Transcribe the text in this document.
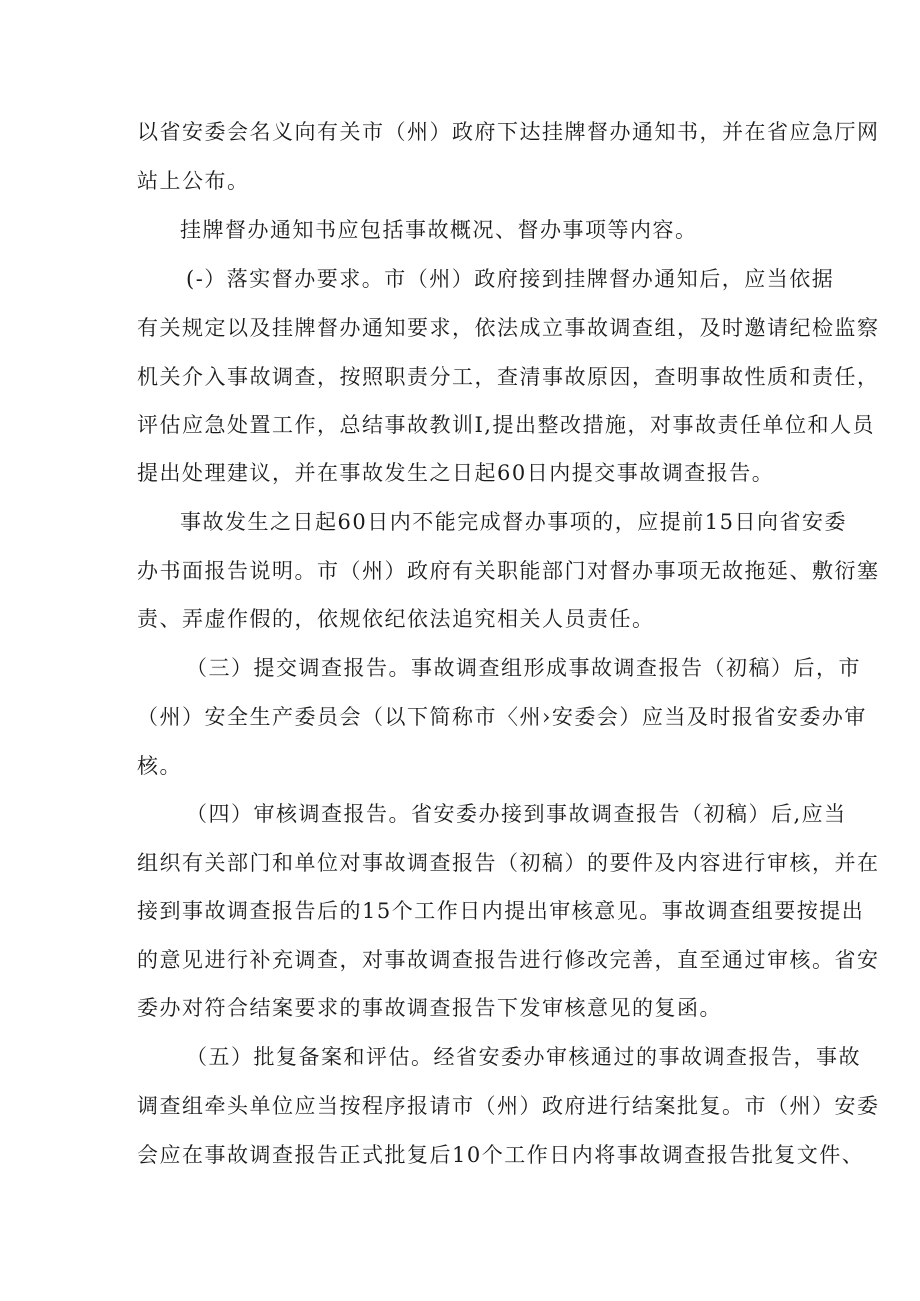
以省安委会名义向有关市（州）政府下达挂牌督办通知书，并在省应急厅网
站上公布。
挂牌督办通知书应包括事故概况、督办事项等内容。
(-）落实督办要求。市（州）政府接到挂牌督办通知后，应当依据
有关规定以及挂牌督办通知要求，依法成立事故调查组，及时邀请纪检监察
机关介入事故调查，按照职责分工，查清事故原因，查明事故性质和责任，
评估应急处置工作，总结事故教训I,提出整改措施，对事故责任单位和人员
提出处理建议，并在事故发生之日起60日内提交事故调查报告。
事故发生之日起60日内不能完成督办事项的，应提前15日向省安委
办书面报告说明。市（州）政府有关职能部门对督办事项无故拖延、敷衍塞
责、弄虚作假的，依规依纪依法追究相关人员责任。
（三）提交调查报告。事故调查组形成事故调查报告（初稿）后，市
（州）安全生产委员会（以下简称市〈州›安委会）应当及时报省安委办审
核。
（四）审核调查报告。省安委办接到事故调查报告（初稿）后,应当
组织有关部门和单位对事故调查报告（初稿）的要件及内容进行审核，并在
接到事故调查报告后的15个工作日内提出审核意见。事故调查组要按提出
的意见进行补充调查，对事故调查报告进行修改完善，直至通过审核。省安
委办对符合结案要求的事故调查报告下发审核意见的复函。
（五）批复备案和评估。经省安委办审核通过的事故调查报告，事故
调查组牵头单位应当按程序报请市（州）政府进行结案批复。市（州）安委
会应在事故调查报告正式批复后10个工作日内将事故调查报告批复文件、
